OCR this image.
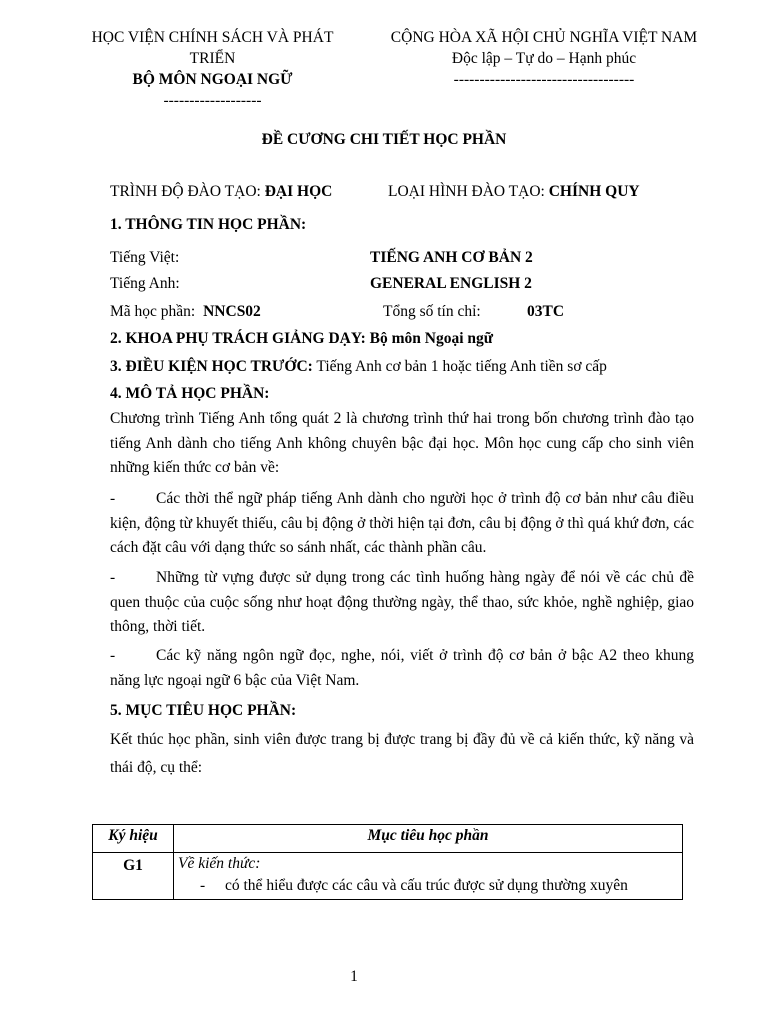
HỌC VIỆN CHÍNH SÁCH VÀ PHÁT
TRIỂN
BỘ MÔN NGOẠI NGỮ
-------------------
CỘNG HÒA XÃ HỘI CHỦ NGHĨA VIỆT NAM
Độc lập – Tự do – Hạnh phúc
-----------------------------------
ĐỀ CƯƠNG CHI TIẾT HỌC PHẦN
TRÌNH ĐỘ ĐÀO TẠO: ĐẠI HỌC	LOẠI HÌNH ĐÀO TẠO: CHÍNH QUY
1. THÔNG TIN HỌC PHẦN:
Tiếng Việt:	TIẾNG ANH CƠ BẢN 2
Tiếng Anh:	GENERAL ENGLISH 2
Mã học phần: NNCS02	Tổng số tín chỉ:	03TC
2. KHOA PHỤ TRÁCH GIẢNG DẠY: Bộ môn Ngoại ngữ
3. ĐIỀU KIỆN HỌC TRƯỚC: Tiếng Anh cơ bản 1 hoặc tiếng Anh tiền sơ cấp
4. MÔ TẢ HỌC PHẦN:
Chương trình Tiếng Anh tổng quát 2 là chương trình thứ hai trong bốn chương trình đào tạo tiếng Anh dành cho tiếng Anh không chuyên bậc đại học. Môn học cung cấp cho sinh viên những kiến thức cơ bản về:
-	Các thời thể ngữ pháp tiếng Anh dành cho người học ở trình độ cơ bản như câu điều kiện, động từ khuyết thiếu, câu bị động ở thời hiện tại đơn, câu bị động ở thì quá khứ đơn, các cách đặt câu với dạng thức so sánh nhất, các thành phần câu.
-	Những từ vựng được sử dụng trong các tình huống hàng ngày để nói về các chủ đề quen thuộc của cuộc sống như hoạt động thường ngày, thể thao, sức khỏe, nghề nghiệp, giao thông, thời tiết.
-	Các kỹ năng ngôn ngữ đọc, nghe, nói, viết ở trình độ cơ bản ở bậc A2 theo khung năng lực ngoại ngữ 6 bậc của Việt Nam.
5. MỤC TIÊU HỌC PHẦN:
Kết thúc học phần, sinh viên được trang bị được trang bị đầy đủ về cả kiến thức, kỹ năng và thái độ, cụ thể:
Ký hiệu	Mục tiêu học phần
G1	Về kiến thức:
- có thể hiểu được các câu và cấu trúc được sử dụng thường xuyên
1
